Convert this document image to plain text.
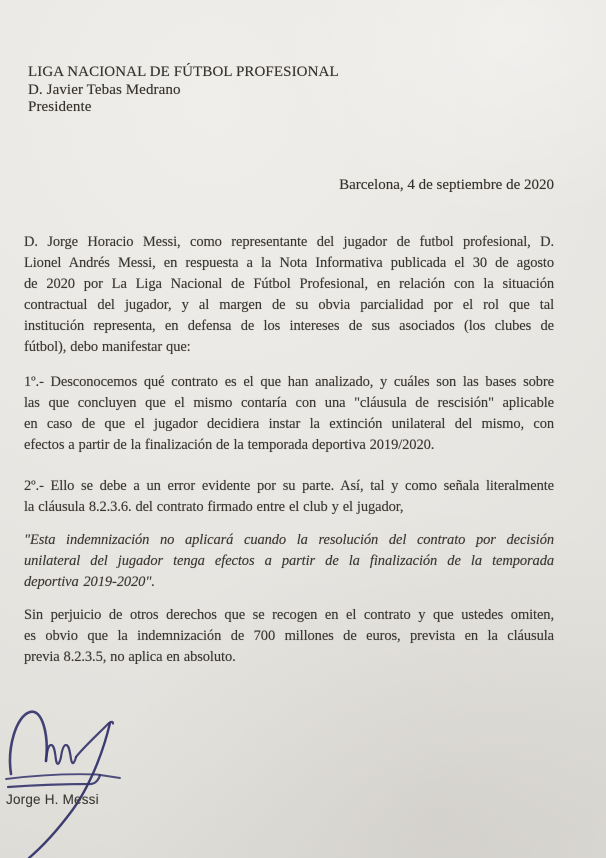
LIGA NACIONAL DE FÚTBOL PROFESIONAL
D. Javier Tebas Medrano
Presidente
Barcelona, 4 de septiembre de 2020
D. Jorge Horacio Messi, como representante del jugador de futbol profesional, D.
Lionel Andrés Messi, en respuesta a la Nota Informativa publicada el 30 de agosto
de 2020 por La Liga Nacional de Fútbol Profesional, en relación con la situación
contractual del jugador, y al margen de su obvia parcialidad por el rol que tal
institución representa, en defensa de los intereses de sus asociados (los clubes de
fútbol), debo manifestar que:
1º.- Desconocemos qué contrato es el que han analizado, y cuáles son las bases sobre
las que concluyen que el mismo contaría con una "cláusula de rescisión" aplicable
en caso de que el jugador decidiera instar la extinción unilateral del mismo, con
efectos a partir de la finalización de la temporada deportiva 2019/2020.
2º.- Ello se debe a un error evidente por su parte. Así, tal y como señala literalmente
la cláusula 8.2.3.6. del contrato firmado entre el club y el jugador,
"Esta indemnización no aplicará cuando la resolución del contrato por decisión
unilateral del jugador tenga efectos a partir de la finalización de la temporada
deportiva 2019-2020".
Sin perjuicio de otros derechos que se recogen en el contrato y que ustedes omiten,
es obvio que la indemnización de 700 millones de euros, prevista en la cláusula
previa 8.2.3.5, no aplica en absoluto.
Jorge H. Messi
